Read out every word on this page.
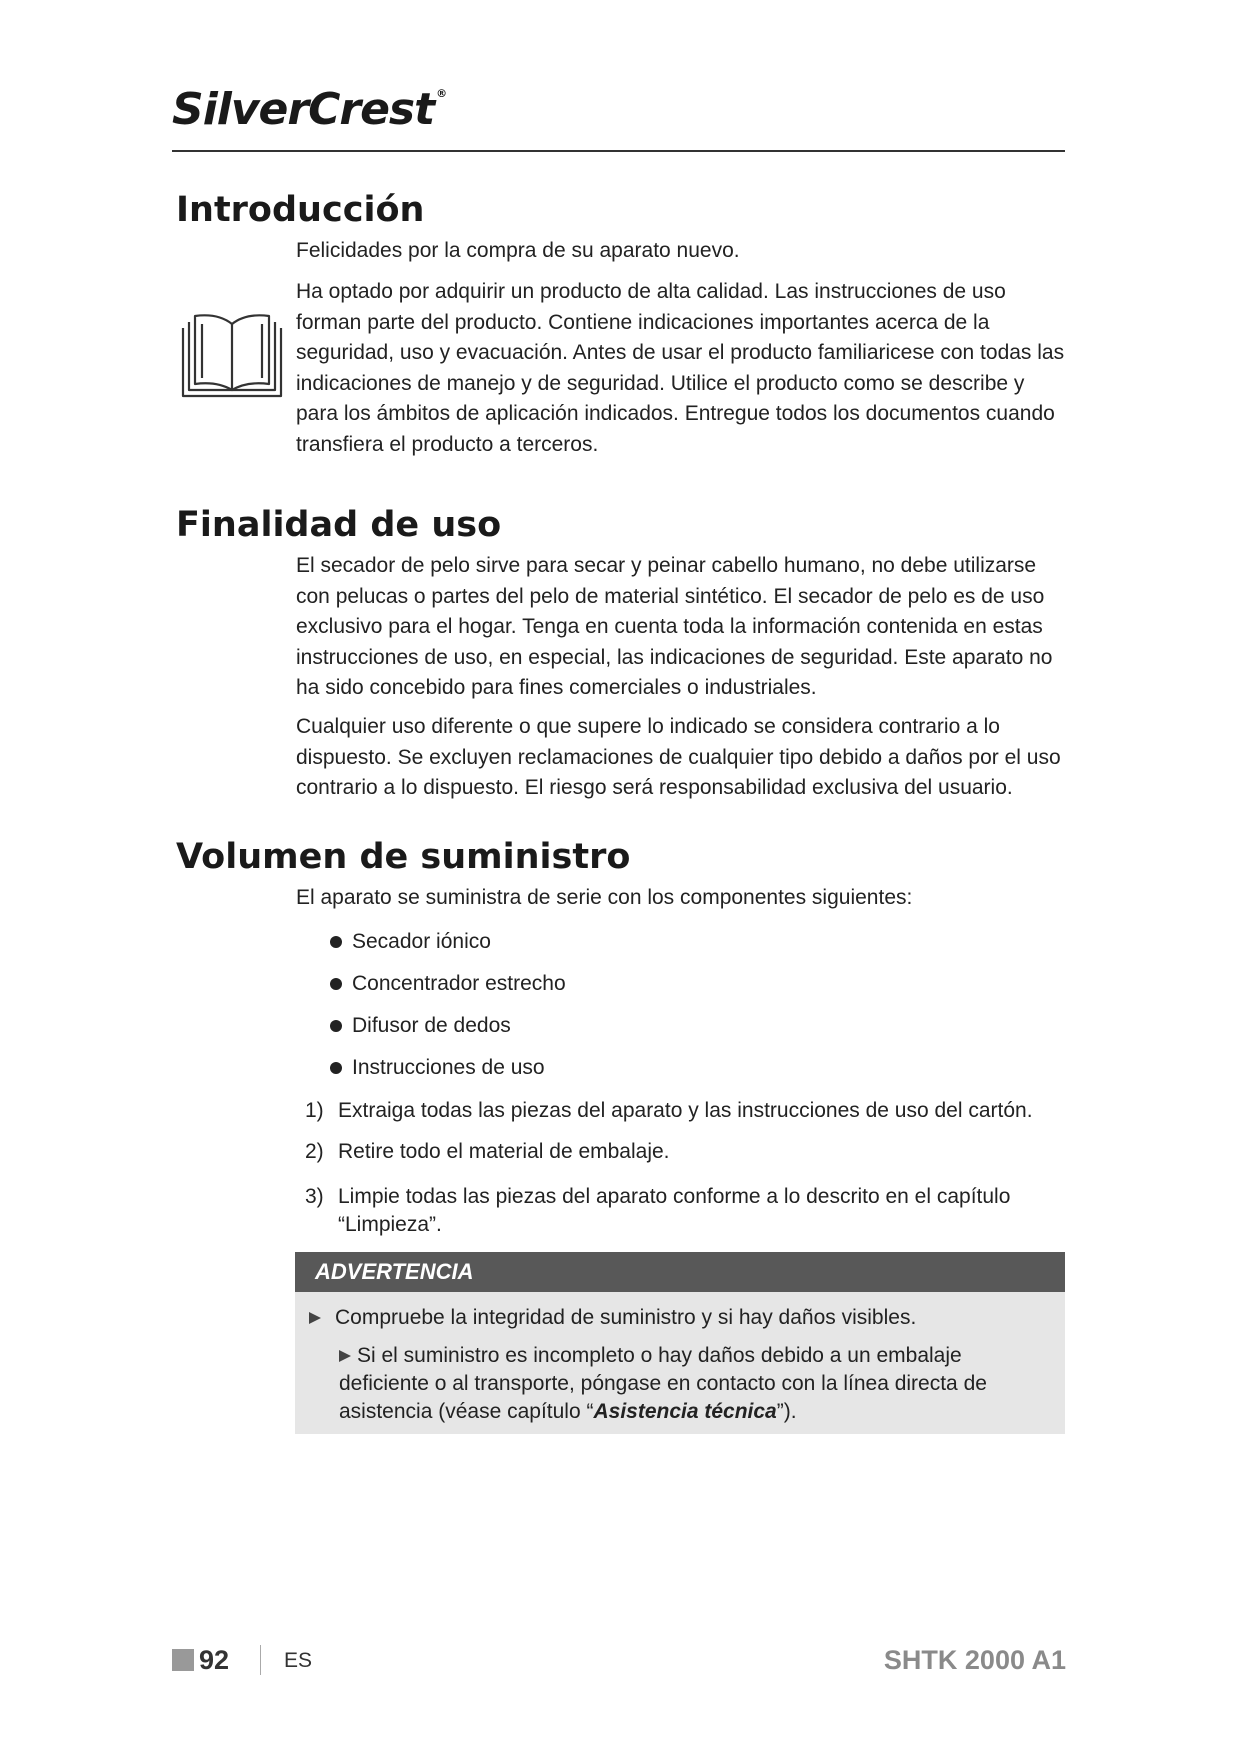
SilverCrest ®
Introducción

Felicidades por la compra de su aparato nuevo.

Ha optado por adquirir un producto de alta calidad. Las instrucciones de uso forman parte del producto. Contiene indicaciones importantes acerca de la seguridad, uso y evacuación. Antes de usar el producto familiaricese con todas las indicaciones de manejo y de seguridad. Utilice el producto como se describe y para los ámbitos de aplicación indicados. Entregue todos los documentos cuando transfiera el producto a terceros.

Finalidad de uso

El secador de pelo sirve para secar y peinar cabello humano, no debe utilizarse con pelucas o partes del pelo de material sintético. El secador de pelo es de uso exclusivo para el hogar. Tenga en cuenta toda la información contenida en estas instrucciones de uso, en especial, las indicaciones de seguridad. Este aparato no ha sido concebido para fines comerciales o industriales.

Cualquier uso diferente o que supere lo indicado se considera contrario a lo dispuesto. Se excluyen reclamaciones de cualquier tipo debido a daños por el uso contrario a lo dispuesto. El riesgo será responsabilidad exclusiva del usuario.

Volumen de suministro

El aparato se suministra de serie con los componentes siguientes:

Secador iónico
Concentrador estrecho
Difusor de dedos
Instrucciones de uso
1) Extraiga todas las piezas del aparato y las instrucciones de uso del cartón.
2) Retire todo el material de embalaje.
3) Limpie todas las piezas del aparato conforme a lo descrito en el capítulo “Limpieza”.
ADVERTENCIA
Compruebe la integridad de suministro y si hay daños visibles.
Si el suministro es incompleto o hay daños debido a un embalaje deficiente o al transporte, póngase en contacto con la línea directa de asistencia (véase capítulo “Asistencia técnica”).
92	ES	SHTK 2000 A1
